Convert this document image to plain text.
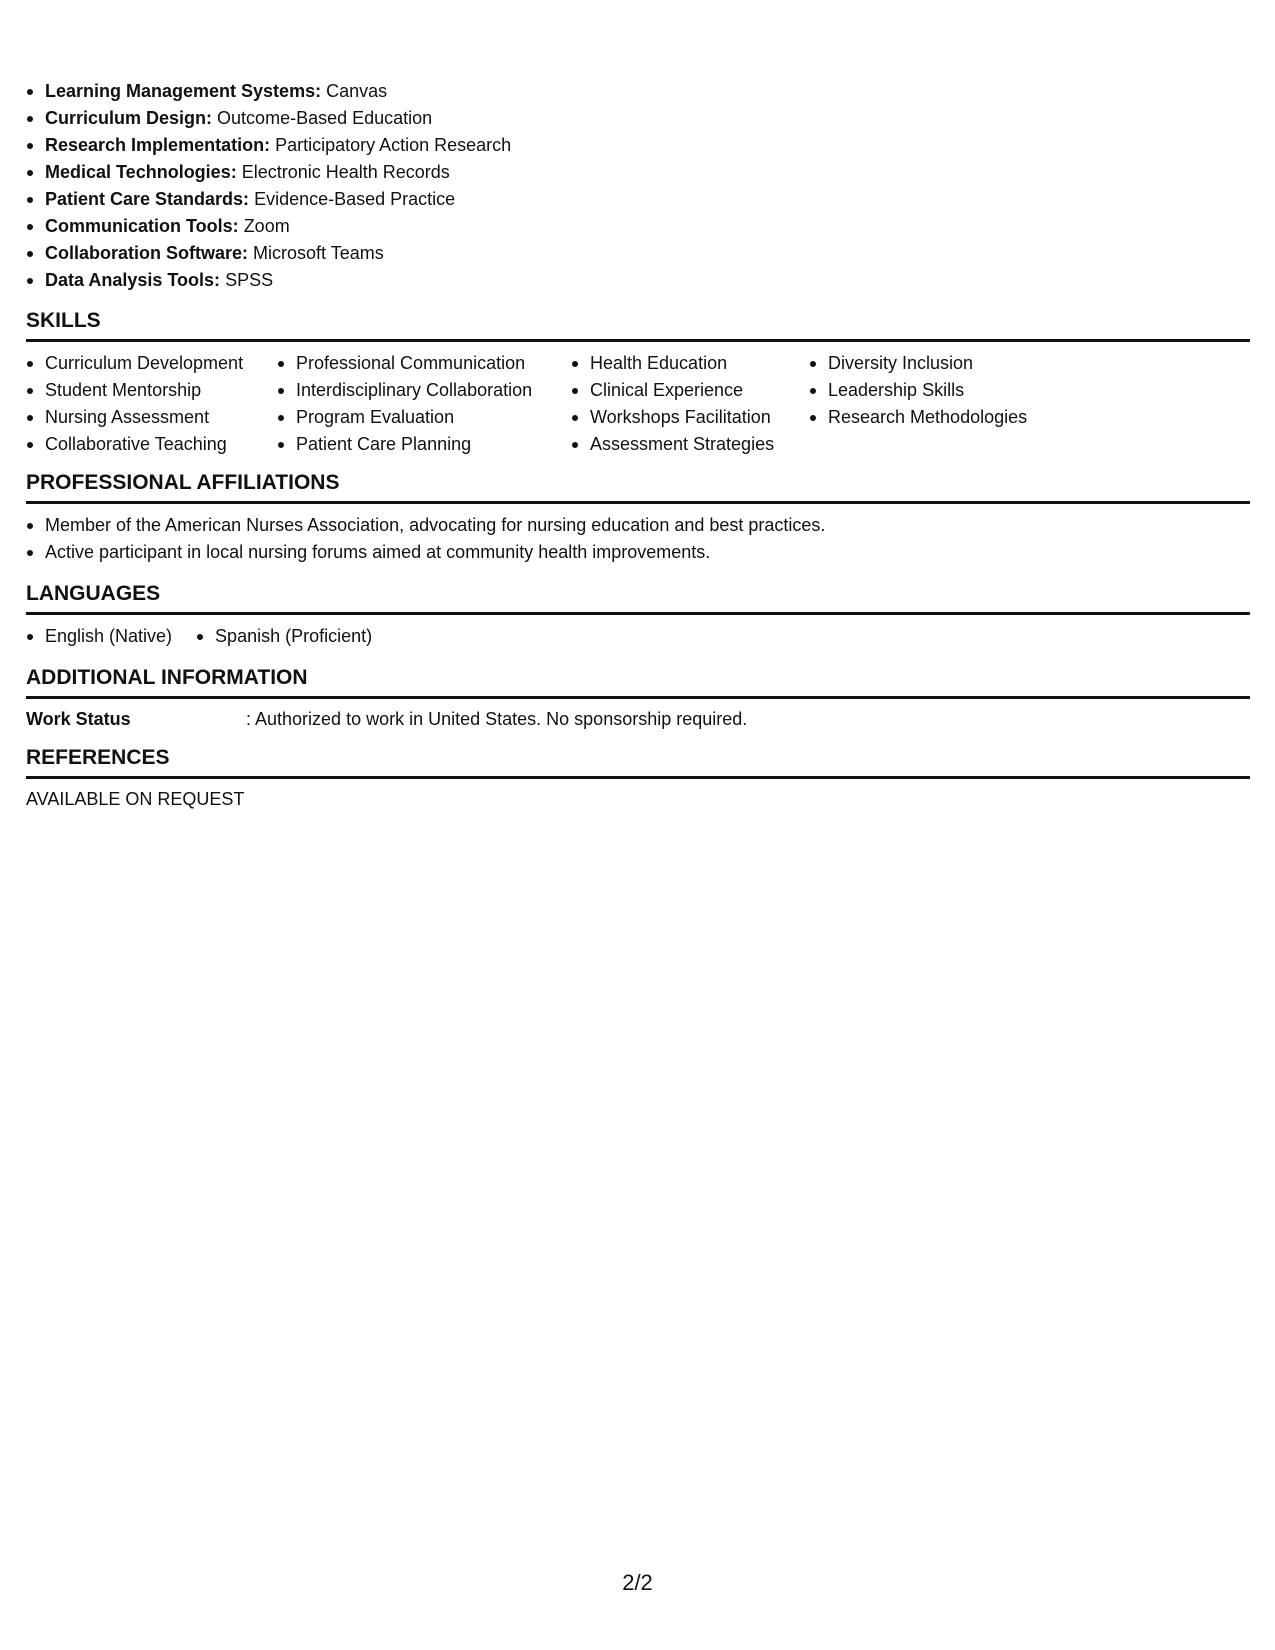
Learning Management Systems: Canvas
Curriculum Design: Outcome-Based Education
Research Implementation: Participatory Action Research
Medical Technologies: Electronic Health Records
Patient Care Standards: Evidence-Based Practice
Communication Tools: Zoom
Collaboration Software: Microsoft Teams
Data Analysis Tools: SPSS
SKILLS
Curriculum Development
Student Mentorship
Nursing Assessment
Collaborative Teaching
Professional Communication
Interdisciplinary Collaboration
Program Evaluation
Patient Care Planning
Health Education
Clinical Experience
Workshops Facilitation
Assessment Strategies
Diversity Inclusion
Leadership Skills
Research Methodologies
PROFESSIONAL AFFILIATIONS
Member of the American Nurses Association, advocating for nursing education and best practices.
Active participant in local nursing forums aimed at community health improvements.
LANGUAGES
English (Native)	Spanish (Proficient)
ADDITIONAL INFORMATION
Work Status	: Authorized to work in United States. No sponsorship required.
REFERENCES
AVAILABLE ON REQUEST
2/2
